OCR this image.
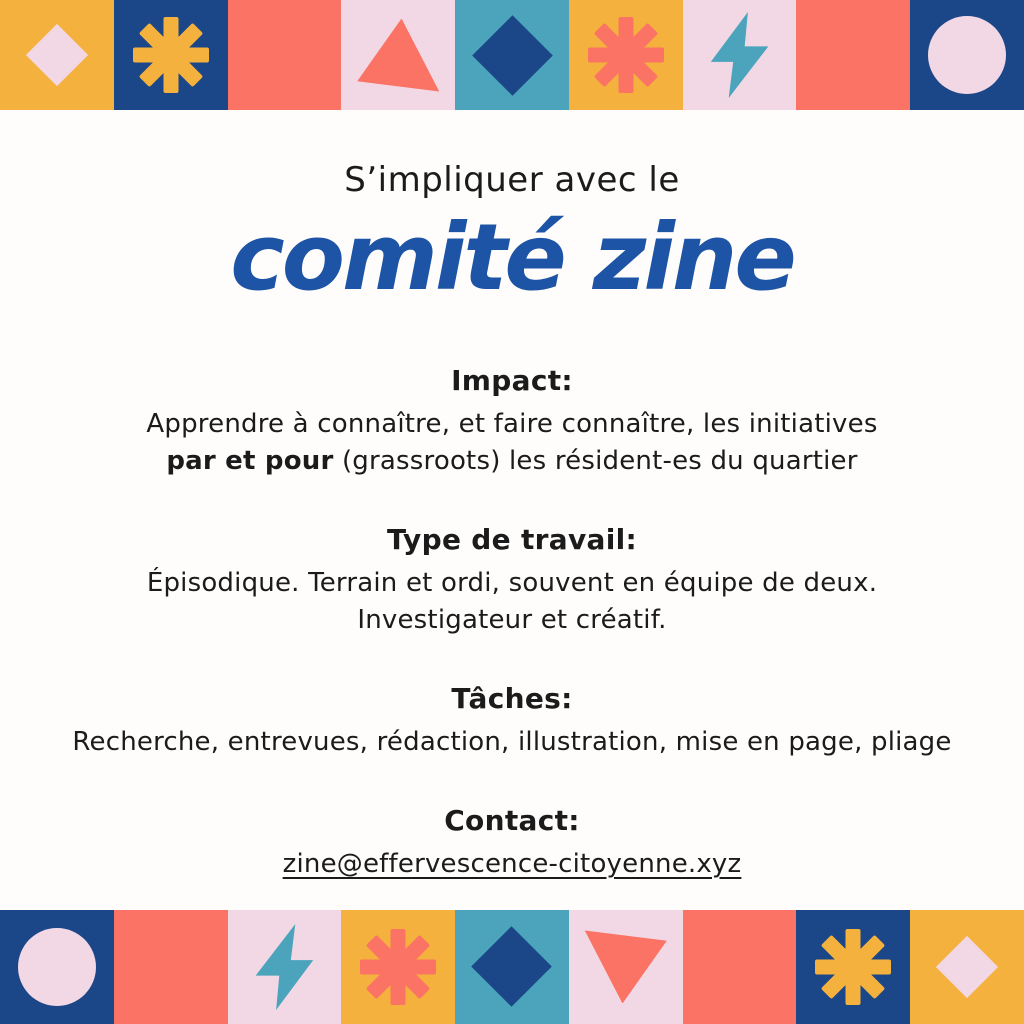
S’impliquer avec le
comité zine
Impact:

Apprendre à connaître, et faire connaître, les initiatives

par et pour (grassroots) les résident-es du quartier

Type de travail:

Épisodique. Terrain et ordi, souvent en équipe de deux.

Investigateur et créatif.

Tâches:

Recherche, entrevues, rédaction, illustration, mise en page, pliage

Contact:

zine@effervescence-citoyenne.xyz
